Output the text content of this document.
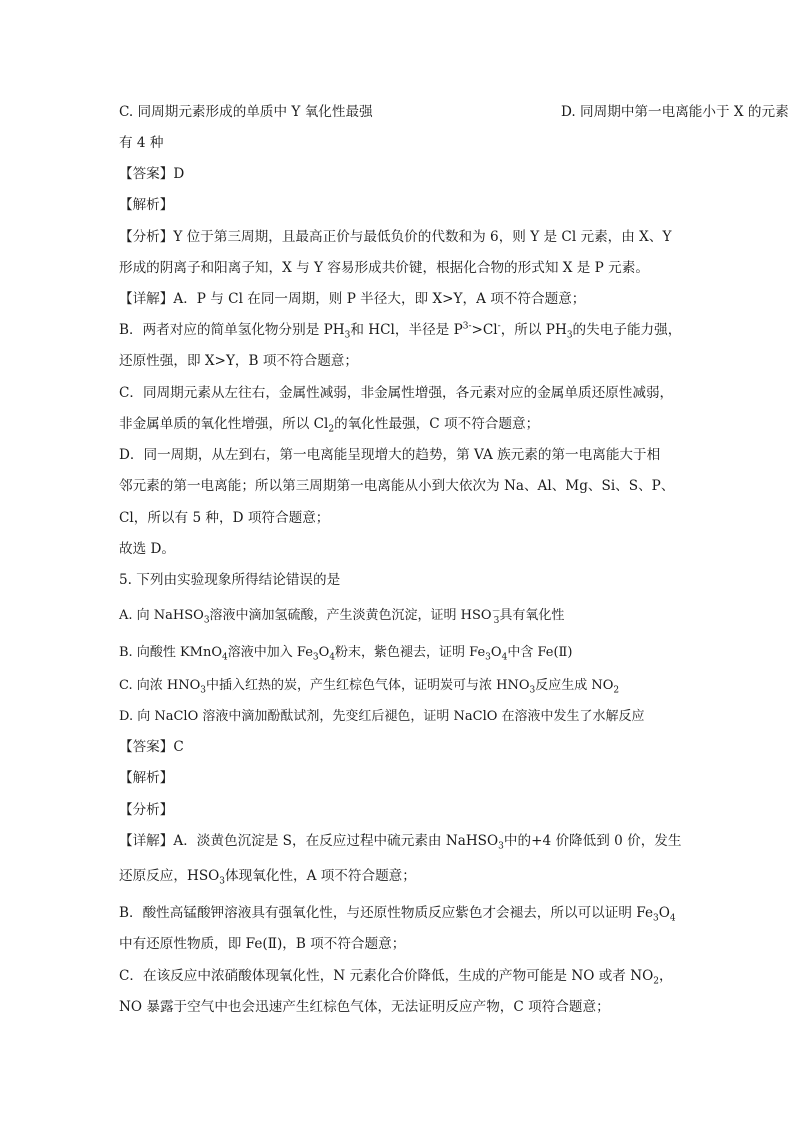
C. 同周期元素形成的单质中 Y 氧化性最强	D. 同周期中第一电离能小于 X 的元素
有 4 种
【答案】D
【解析】
【分析】Y 位于第三周期，且最高正价与最低负价的代数和为 6，则 Y 是 Cl 元素，由 X、Y
形成的阴离子和阳离子知，X 与 Y 容易形成共价键，根据化合物的形式知 X 是 P 元素。
【详解】A．P 与 Cl 在同一周期，则 P 半径大，即 X>Y，A 项不符合题意；
B．两者对应的简单氢化物分别是 $PH_3$和 HCl，半径是 $P^{3-}>Cl^-$，所以 $PH_3$的失电子能力强，
还原性强，即 X>Y，B 项不符合题意；
C．同周期元素从左往右，金属性减弱，非金属性增强，各元素对应的金属单质还原性减弱，
非金属单质的氧化性增强，所以 $Cl_2$的氧化性最强，C 项不符合题意；
D．同一周期，从左到右，第一电离能呈现增大的趋势，第 VA 族元素的第一电离能大于相
邻元素的第一电离能；所以第三周期第一电离能从小到大依次为 Na、Al、Mg、Si、S、P、
Cl，所以有 5 种，D 项符合题意；
故选 D。
5. 下列由实验现象所得结论错误的是
A. 向 NaHSO$_3$溶液中滴加氢硫酸，产生淡黄色沉淀，证明 $HSO^-_3$具有氧化性
B. 向酸性 KMnO$_4$溶液中加入 $Fe_3O_4$粉末，紫色褪去，证明 $Fe_3O_4$中含 Fe(Ⅱ)
C. 向浓 $HNO_3$中插入红热的炭，产生红棕色气体，证明炭可与浓 $HNO_3$反应生成 $NO_2$
D. 向 NaClO 溶液中滴加酚酞试剂，先变红后褪色，证明 NaClO 在溶液中发生了水解反应
【答案】C
【解析】
【分析】
【详解】A．淡黄色沉淀是 S，在反应过程中硫元素由 NaHSO$_3$中的+4 价降低到 0 价，发生
还原反应，$HSO_3$体现氧化性，A 项不符合题意；
B．酸性高锰酸钾溶液具有强氧化性，与还原性物质反应紫色才会褪去，所以可以证明 $Fe_3O_4$
中有还原性物质，即 Fe(Ⅱ)，B 项不符合题意；
C．在该反应中浓硝酸体现氧化性，N 元素化合价降低，生成的产物可能是 NO 或者 $NO_2$，
NO 暴露于空气中也会迅速产生红棕色气体，无法证明反应产物，C 项符合题意；
